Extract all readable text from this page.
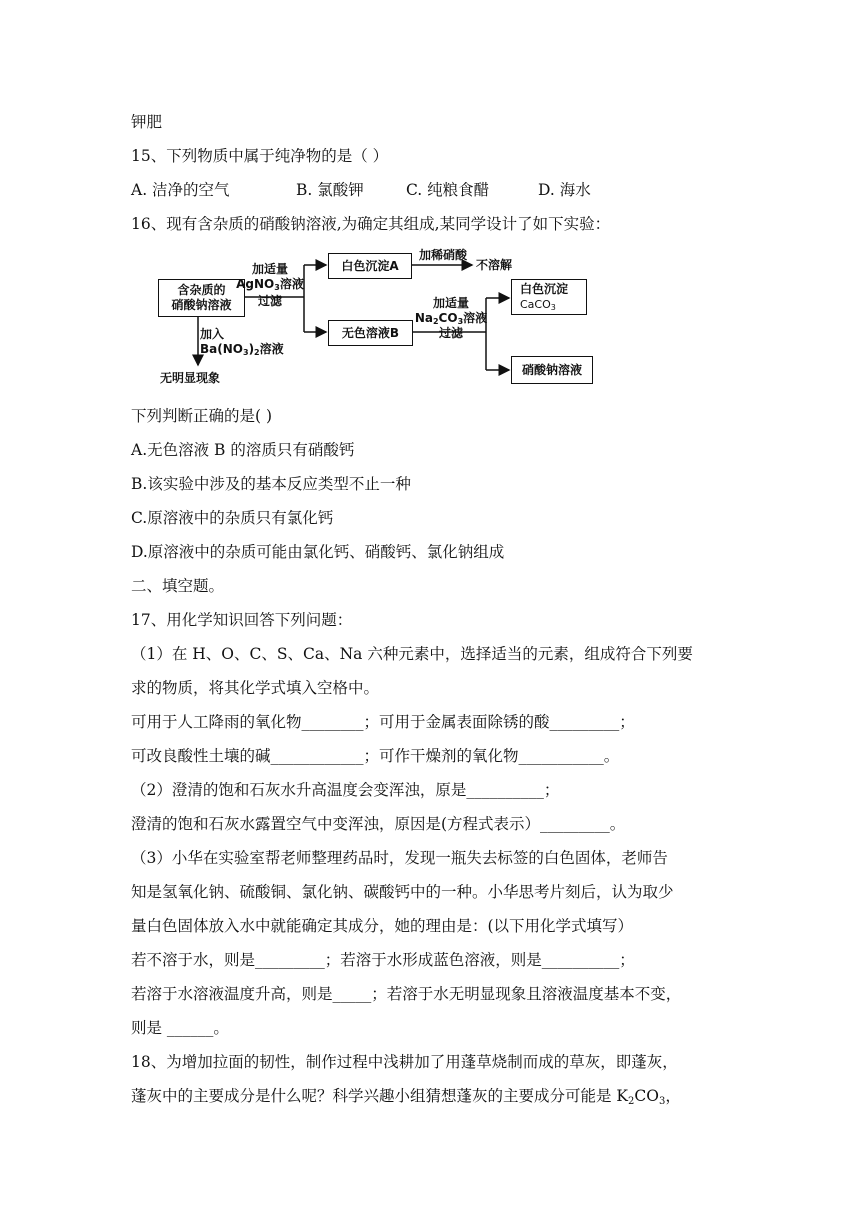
钾肥
15、下列物质中属于纯净物的是（ ）
A. 洁净的空气	B. 氯酸钾	C. 纯粮食醋	D. 海水
16、现有含杂质的硝酸钠溶液,为确定其组成,某同学设计了如下实验：
含杂质的
硝酸钠溶液
加适量
AgNO$_3$溶液
过滤
白色沉淀A
加稀硝酸
不溶解
无色溶液B
加适量
$Na_2CO_3$溶液
过滤
白色沉淀
CaCO$_3$
硝酸钠溶液
加入
$Ba(NO_3)_2$溶液
无明显现象
下列判断正确的是( )
A.无色溶液 B 的溶质只有硝酸钙
B.该实验中涉及的基本反应类型不止一种
C.原溶液中的杂质只有氯化钙
D.原溶液中的杂质可能由氯化钙、硝酸钙、氯化钠组成
二、填空题。
17、用化学知识回答下列问题：
（1）在 H、O、C、S、Ca、Na 六种元素中，选择适当的元素，组成符合下列要
求的物质，将其化学式填入空格中。
可用于人工降雨的氧化物________；可用于金属表面除锈的酸_________；
可改良酸性土壤的碱____________；可作干燥剂的氧化物___________。
（2）澄清的饱和石灰水升高温度会变浑浊，原是__________；
澄清的饱和石灰水露置空气中变浑浊，原因是(方程式表示）_________。
（3）小华在实验室帮老师整理药品时，发现一瓶失去标签的白色固体，老师告
知是氢氧化钠、硫酸铜、氯化钠、碳酸钙中的一种。小华思考片刻后，认为取少
量白色固体放入水中就能确定其成分，她的理由是：(以下用化学式填写）
若不溶于水，则是_________；若溶于水形成蓝色溶液，则是__________；
若溶于水溶液温度升高，则是_____；若溶于水无明显现象且溶液温度基本不变，
则是 ______。
18、为增加拉面的韧性，制作过程中浅耕加了用蓬草烧制而成的草灰，即蓬灰，
蓬灰中的主要成分是什么呢？科学兴趣小组猜想蓬灰的主要成分可能是 $K_2CO_3$，
